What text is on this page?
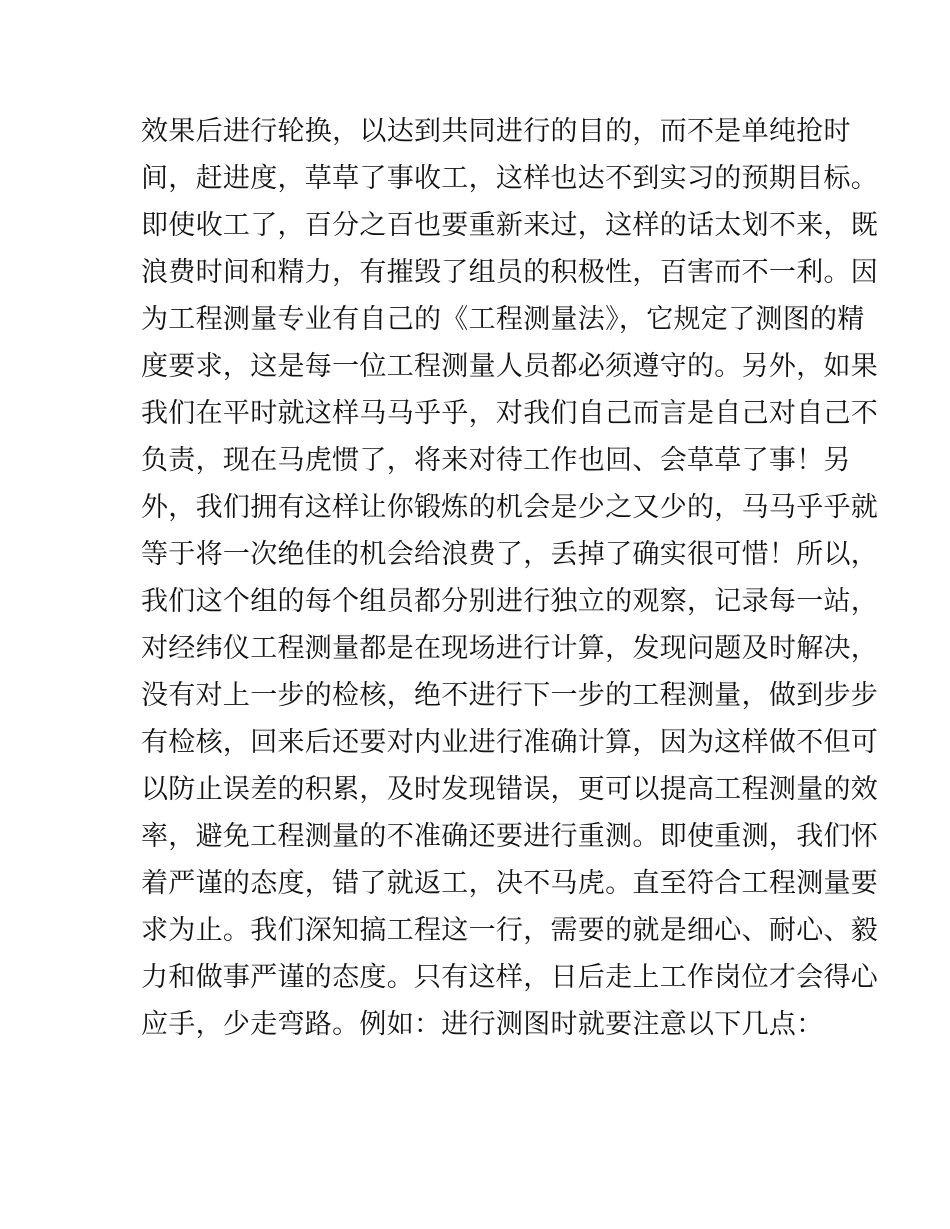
效果后进行轮换，以达到共同进行的目的，而不是单纯抢时
间，赶进度，草草了事收工，这样也达不到实习的预期目标。
即使收工了，百分之百也要重新来过，这样的话太划不来，既
浪费时间和精力，有摧毁了组员的积极性，百害而不一利。因
为工程测量专业有自己的《工程测量法》，它规定了测图的精
度要求，这是每一位工程测量人员都必须遵守的。另外，如果
我们在平时就这样马马乎乎，对我们自己而言是自己对自己不
负责，现在马虎惯了，将来对待工作也回、会草草了事！另
外，我们拥有这样让你锻炼的机会是少之又少的，马马乎乎就
等于将一次绝佳的机会给浪费了，丢掉了确实很可惜！所以，
我们这个组的每个组员都分别进行独立的观察，记录每一站，
对经纬仪工程测量都是在现场进行计算，发现问题及时解决，
没有对上一步的检核，绝不进行下一步的工程测量，做到步步
有检核，回来后还要对内业进行准确计算，因为这样做不但可
以防止误差的积累，及时发现错误，更可以提高工程测量的效
率，避免工程测量的不准确还要进行重测。即使重测，我们怀
着严谨的态度，错了就返工，决不马虎。直至符合工程测量要
求为止。我们深知搞工程这一行，需要的就是细心、耐心、毅
力和做事严谨的态度。只有这样，日后走上工作岗位才会得心
应手，少走弯路。例如：进行测图时就要注意以下几点：
